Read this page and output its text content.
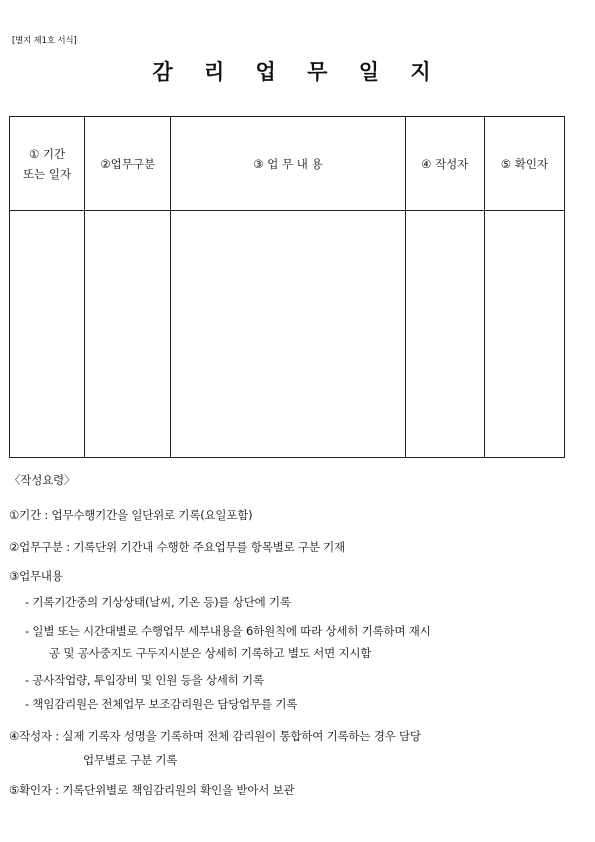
[별지 제1호 서식]
감 리 업 무 일 지
① 기간
또는 일자	②업무구분	③ 업 무 내 용	④ 작성자	⑤ 확인자

〈작성요령〉
①기간 : 업무수행기간을 일단위로 기록(요일포함)
②업무구분 : 기록단위 기간내 수행한 주요업무를 항목별로 구분 기재
③업무내용
- 기록기간중의 기상상태(날씨, 기온 등)를 상단에 기록
- 일별 또는 시간대별로 수행업무 세부내용을 6하원칙에 따라 상세히 기록하며 재시
공 및 공사중지도 구두지시분은 상세히 기록하고 별도 서면 지시함
- 공사작업량, 투입장비 및 인원 등을 상세히 기록
- 책임감리원은 전체업무 보조감리원은 담당업무를 기록
④작성자 : 실제 기록자 성명을 기록하며 전체 감리원이 통합하여 기록하는 경우 담당
업무별로 구분 기록
⑤확인자 : 기록단위별로 책임감리원의 확인을 받아서 보관
